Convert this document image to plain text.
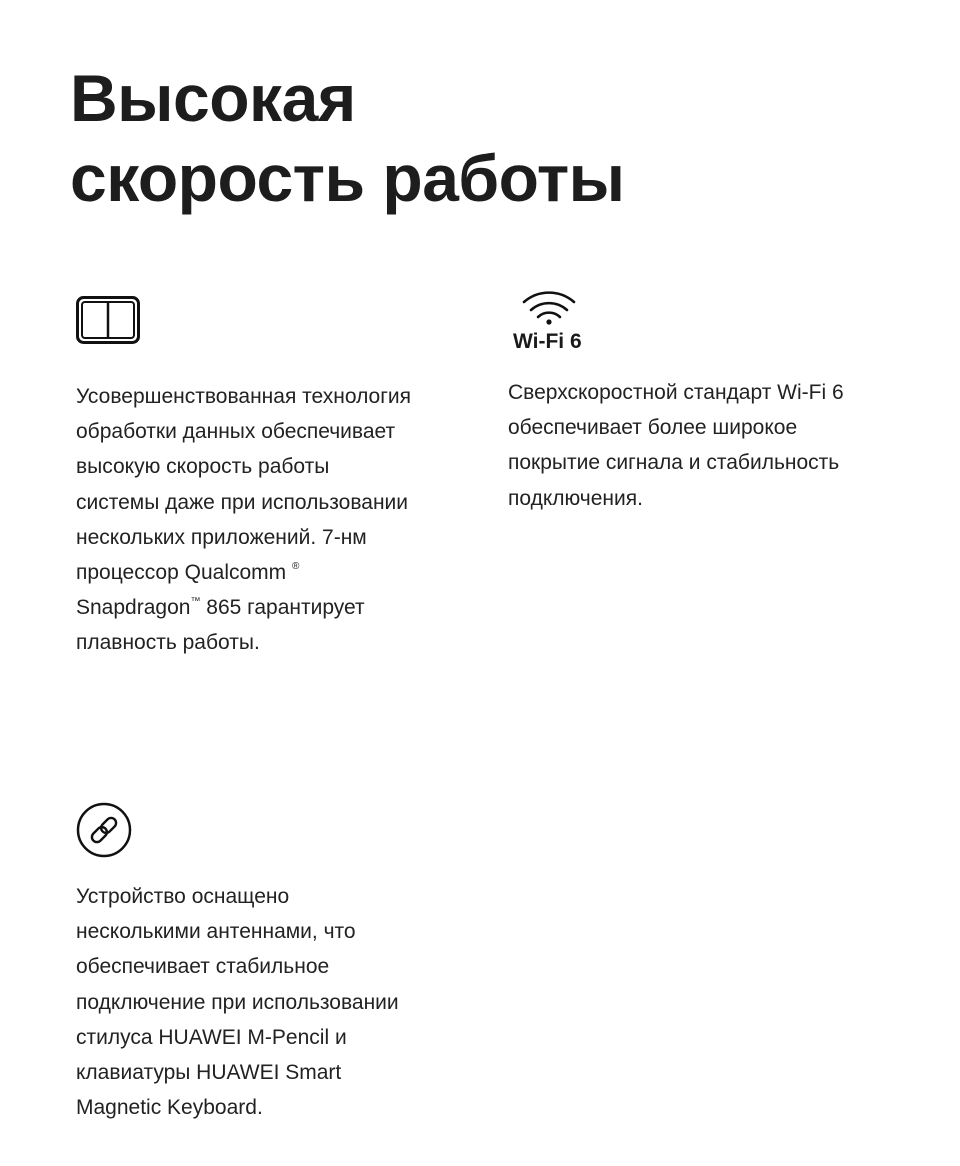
Высокая
скорость работы

Усовершенствованная технология
обработки данных обеспечивает
высокую скорость работы
системы даже при использовании
нескольких приложений. 7-нм
процессор Qualcomm ®
Snapdragon™ 865 гарантирует
плавность работы.

Wi-Fi 6

Сверхскоростной стандарт Wi-Fi 6
обеспечивает более широкое
покрытие сигнала и стабильность
подключения.

Устройство оснащено
несколькими антеннами, что
обеспечивает стабильное
подключение при использовании
стилуса HUAWEI M-Pencil и
клавиатуры HUAWEI Smart
Magnetic Keyboard.
